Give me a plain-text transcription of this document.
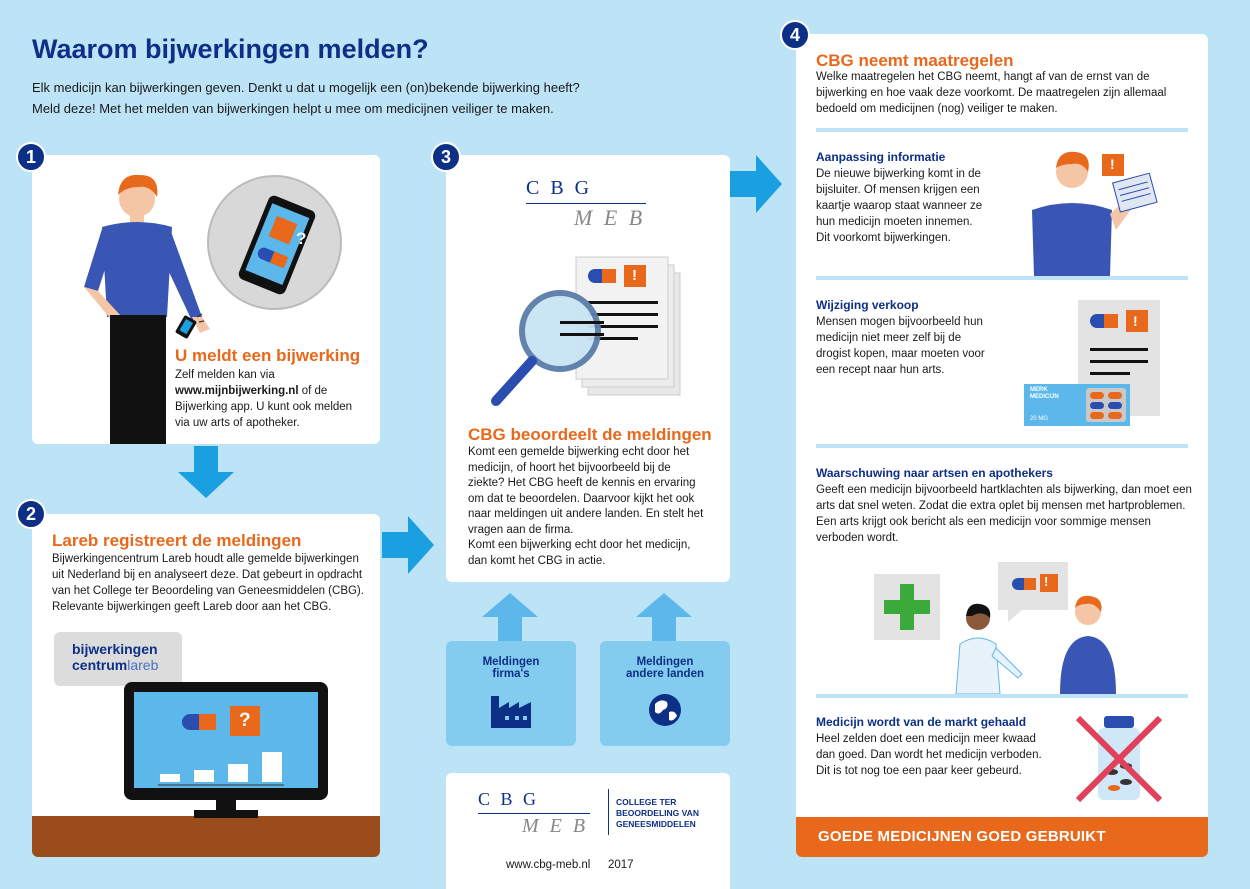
Waarom bijwerkingen melden?
Elk medicijn kan bijwerkingen geven. Denkt u dat u mogelijk een (on)bekende bijwerking heeft?
Meld deze! Met het melden van bijwerkingen helpt u mee om medicijnen veiliger te maken.
?
U meldt een bijwerking
Zelf melden kan via
www.mijnbijwerking.nl of de
Bijwerking app. U kunt ook melden
via uw arts of apotheker.
1
Lareb registreert de meldingen
Bijwerkingencentrum Lareb houdt alle gemelde bijwerkingen
uit Nederland bij en analyseert deze. Dat gebeurt in opdracht
van het College ter Beoordeling van Geneesmiddelen (CBG).
Relevante bijwerkingen geeft Lareb door aan het CBG.
bijwerkingen
centrumlareb
?
2
C B G
M E B
!
CBG beoordeelt de meldingen
Komt een gemelde bijwerking echt door het
medicijn, of hoort het bijvoorbeeld bij de
ziekte? Het CBG heeft de kennis en ervaring
om dat te beoordelen. Daarvoor kijkt het ook
naar meldingen uit andere landen. En stelt het
vragen aan de firma.
Komt een bijwerking echt door het medicijn,
dan komt het CBG in actie.
3
Meldingen
firma's
Meldingen
andere landen
C B G
M E B
COLLEGE TER
BEOORDELING VAN
GENEESMIDDELEN
www.cbg-meb.nl 2017
CBG neemt maatregelen
Welke maatregelen het CBG neemt, hangt af van de ernst van de
bijwerking en hoe vaak deze voorkomt. De maatregelen zijn allemaal
bedoeld om medicijnen (nog) veiliger te maken.
Aanpassing informatie
De nieuwe bijwerking komt in de
bijsluiter. Of mensen krijgen een
kaartje waarop staat wanneer ze
hun medicijn moeten innemen.
Dit voorkomt bijwerkingen.
!
Wijziging verkoop
Mensen mogen bijvoorbeeld hun
medicijn niet meer zelf bij de
drogist kopen, maar moeten voor
een recept naar hun arts.
!
MERK
MEDICIJN
20 MG
Waarschuwing naar artsen en apothekers
Geeft een medicijn bijvoorbeeld hartklachten als bijwerking, dan moet een
arts dat snel weten. Zodat die extra oplet bij mensen met hartproblemen.
Een arts krijgt ook bericht als een medicijn voor sommige mensen
verboden wordt.
!
Medicijn wordt van de markt gehaald
Heel zelden doet een medicijn meer kwaad
dan goed. Dan wordt het medicijn verboden.
Dit is tot nog toe een paar keer gebeurd.
GOEDE MEDICIJNEN GOED GEBRUIKT
4
